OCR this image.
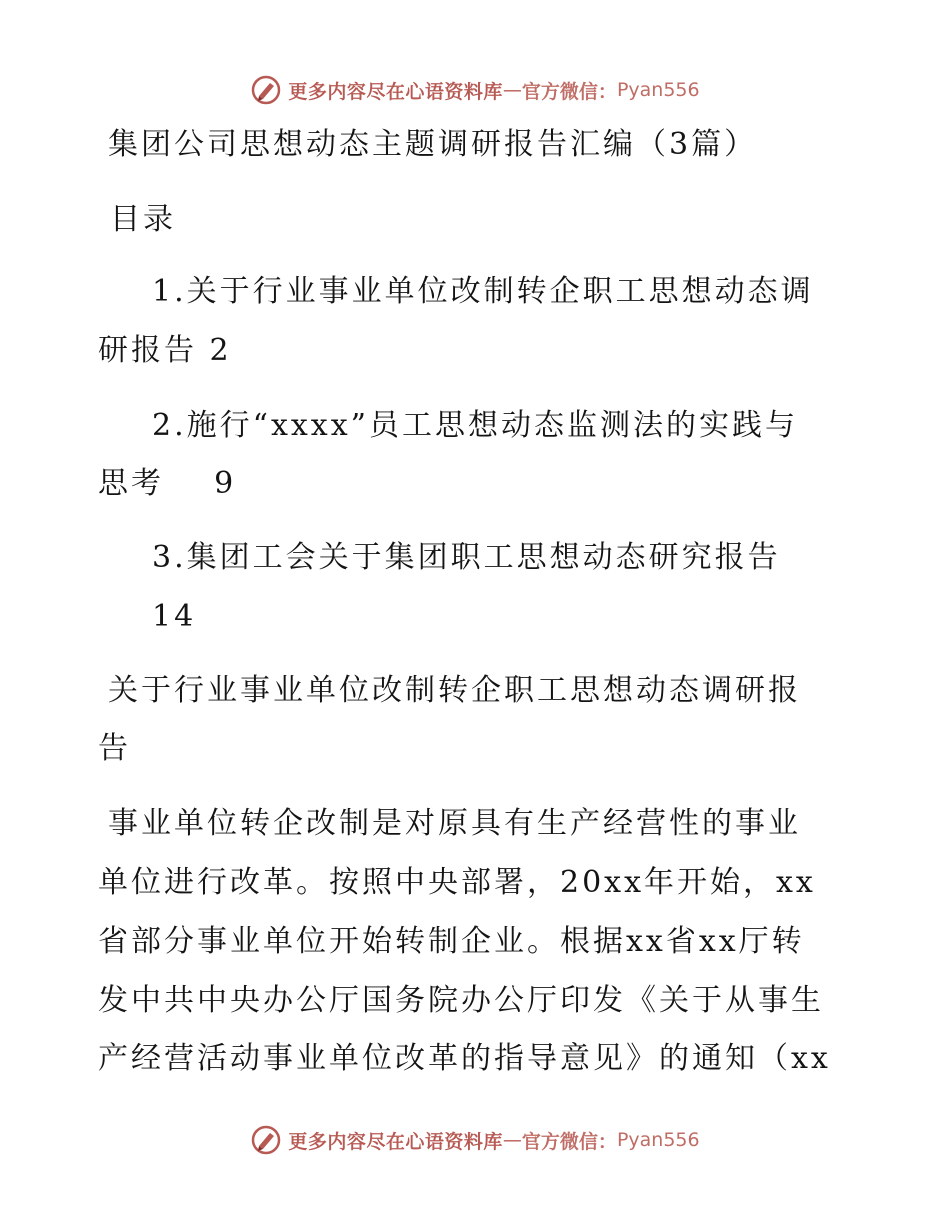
更多内容尽在心语资料库 — 官方微信： Pyan556
集团公司思想动态主题调研报告汇编（3篇）
目录
1.关于行业事业单位改制转企职工思想动态调
研报告 2
2.施行“xxxx”员工思想动态监测法的实践与
思考    9
3.集团工会关于集团职工思想动态研究报告
14
关于行业事业单位改制转企职工思想动态调研报
告
事业单位转企改制是对原具有生产经营性的事业
单位进行改革。按照中央部署，20xx年开始，xx
省部分事业单位开始转制企业。根据xx省xx厅转
发中共中央办公厅国务院办公厅印发《关于从事生
产经营活动事业单位改革的指导意见》的通知（xx
更多内容尽在心语资料库 — 官方微信： Pyan556
